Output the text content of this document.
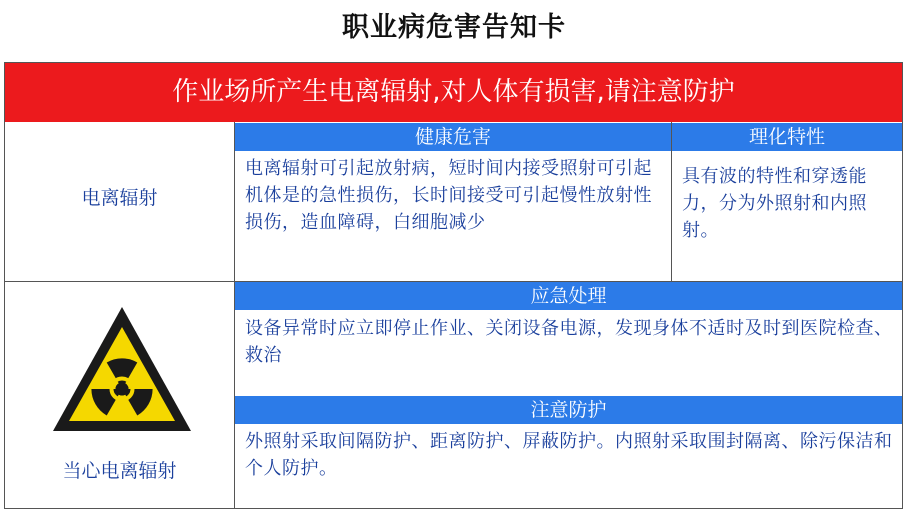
职业病危害告知卡
作业场所产生电离辐射,对人体有损害,请注意防护
电离辐射
健康危害
电离辐射可引起放射病，短时间内接受照射可引起机体是的急性损伤，长时间接受可引起慢性放射性损伤，造血障碍，白细胞减少
理化特性
具有波的特性和穿透能力，分为外照射和内照射。
当心电离辐射
应急处理
设备异常时应立即停止作业、关闭设备电源，发现身体不适时及时到医院检查、救治
注意防护
外照射采取间隔防护、距离防护、屏蔽防护。内照射采取围封隔离、除污保洁和个人防护。
